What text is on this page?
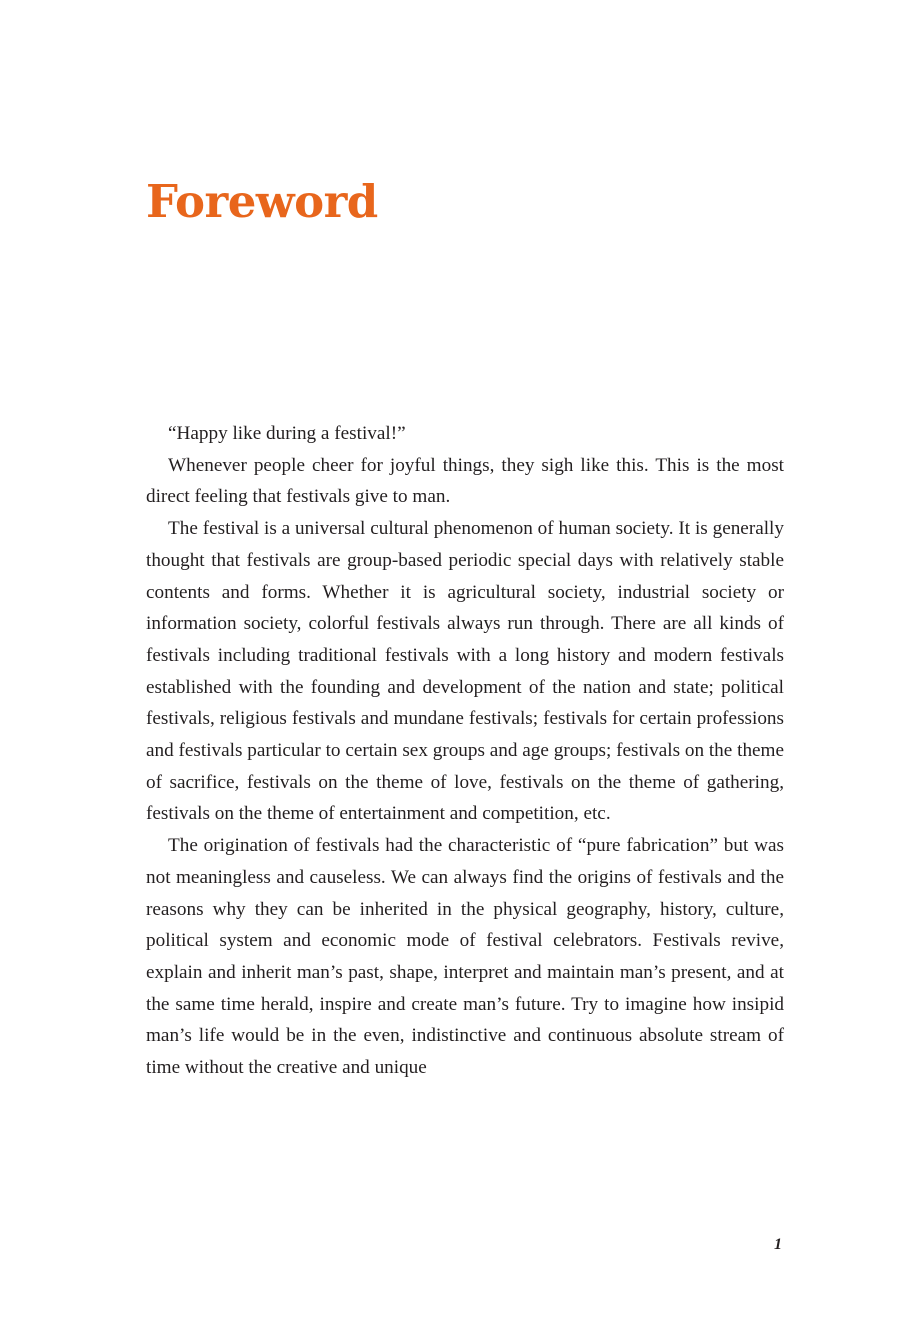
Foreword

“Happy like during a festival!”

Whenever people cheer for joyful things, they sigh like this. This is the most direct feeling that festivals give to man.

The festival is a universal cultural phenomenon of human society. It is generally thought that festivals are group-based periodic special days with relatively stable contents and forms. Whether it is agricultural society, industrial society or information society, colorful festivals always run through. There are all kinds of festivals including traditional festivals with a long history and modern festivals established with the founding and development of the nation and state; political festivals, religious festivals and mundane festivals; festivals for certain professions and festivals particular to certain sex groups and age groups; festivals on the theme of sacrifice, festivals on the theme of love, festivals on the theme of gathering, festivals on the theme of entertainment and competition, etc.

The origination of festivals had the characteristic of “pure fabrication” but was not meaningless and causeless. We can always find the origins of festivals and the reasons why they can be inherited in the physical geography, history, culture, political system and economic mode of festival celebrators. Festivals revive, explain and inherit man’s past, shape, interpret and maintain man’s present, and at the same time herald, inspire and create man’s future. Try to imagine how insipid man’s life would be in the even, indistinctive and continuous absolute stream of time without the creative and unique

1
